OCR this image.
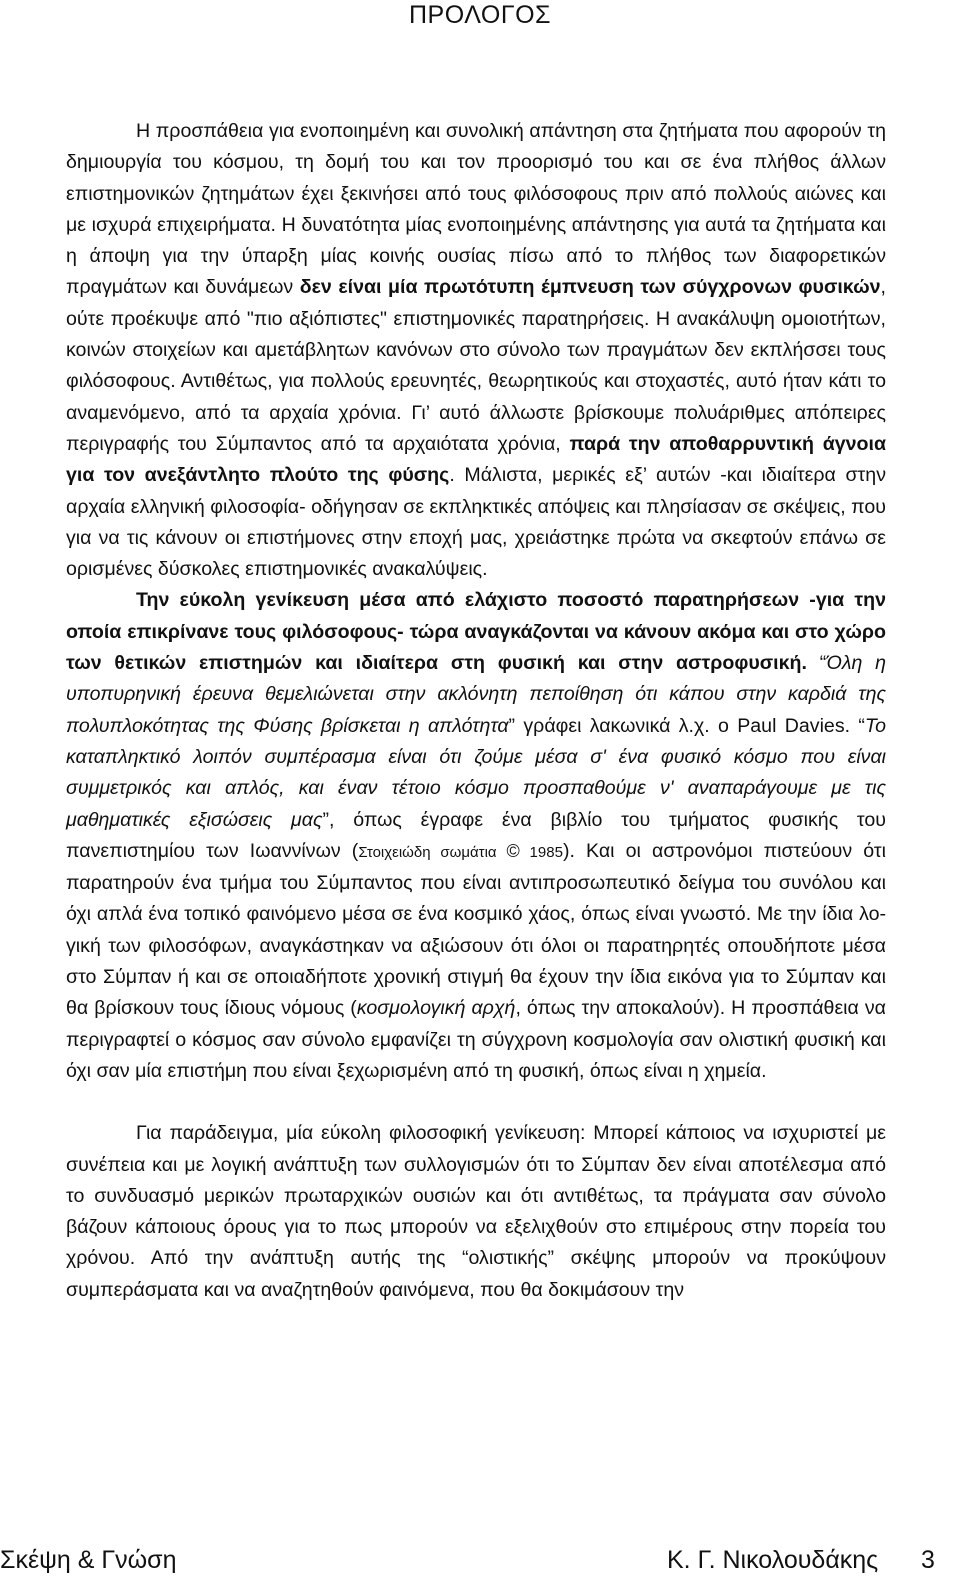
ΠΡΟΛΟΓΟΣ

Η προσπάθεια για ενοποιημένη και συνολική απάντηση στα ζητήματα που αφορούν τη δημιουργία του κόσμου, τη δομή του και τον προορισμό του και σε ένα πλήθος άλλων επιστημονικών ζητημάτων έχει ξεκινήσει από τους φιλόσοφους πριν από πολλούς αιώνες και με ισχυρά επιχειρήματα. Η δυνατότητα μίας ενοποιημένης απάντησης για αυτά τα ζητήματα και η άποψη για την ύπαρξη μίας κοινής ουσίας πίσω από το πλήθος των διαφορετικών πραγμάτων και δυνάμεων δεν είναι μία πρωτότυπη έμπνευση των σύγχρονων φυσικών, ούτε προέκυψε από "πιο αξιόπιστες" επιστημονικές παρατηρήσεις. Η ανακάλυψη ομοιοτήτων, κοινών στοιχείων και αμετάβλητων κανόνων στο σύνολο των πραγμάτων δεν εκπλήσσει τους φιλόσοφους. Αντιθέτως, για πολλούς ερευνητές, θεωρητικούς και στοχαστές, αυτό ήταν κάτι το αναμενόμενο, από τα αρχαία χρόνια. Γι’ αυτό άλλωστε βρίσκουμε πολυάριθμες απόπειρες περιγραφής του Σύμπαντος από τα αρχαιότατα χρόνια, παρά την αποθαρρυντική άγνοια για τον ανεξάντλητο πλούτο της φύσης. Μάλιστα, μερικές εξ’ αυτών -και ιδιαίτερα στην αρχαία ελληνική φιλοσοφία- οδήγησαν σε εκπληκτικές απόψεις και πλησίασαν σε σκέψεις, που για να τις κάνουν οι επιστήμονες στην εποχή μας, χρειάστηκε πρώτα να σκεφτούν επάνω σε ορισμένες δύσκολες επιστημονικές ανακαλύψεις.

Την εύκολη γενίκευση μέσα από ελάχιστο ποσοστό παρατηρήσεων -για την οποία επικρίνανε τους φιλόσοφους- τώρα αναγκάζονται να κάνουν ακόμα και στο χώρο των θετικών επιστημών και ιδιαίτερα στη φυσική και στην αστροφυσική. “Όλη η υποπυρηνική έρευνα θεμελιώνεται στην ακλόνητη πεποίθηση ότι κάπου στην καρδιά της πολυπλοκότητας της Φύσης βρίσκεται η απλότητα” γράφει λακωνικά λ.χ. ο Paul Davies. “Το καταπληκτικό λοιπόν συμπέρασμα είναι ότι ζούμε μέσα σ' ένα φυσικό κόσμο που είναι συμμετρικός και απλός, και έναν τέτοιο κόσμο προσπαθούμε ν' αναπαράγουμε με τις μαθηματικές εξισώσεις μας”, όπως έγραφε ένα βιβλίο του τμήματος φυσικής του πανεπιστημίου των Ιωαννίνων (Στοιχειώδη σωμάτια © 1985). Και οι αστρονόμοι πιστεύουν ότι παρατηρούν ένα τμήμα του Σύμπαντος που είναι αντιπροσωπευτικό δείγμα του συνόλου και όχι απλά ένα τοπικό φαινόμενο μέσα σε ένα κοσμικό χάος, όπως είναι γνωστό. Με την ίδια λογική των φιλοσόφων, αναγκάστηκαν να αξιώσουν ότι όλοι οι παρατηρητές οπουδήποτε μέσα στο Σύμπαν ή και σε οποιαδήποτε χρονική στιγμή θα έχουν την ίδια εικόνα για το Σύμπαν και θα βρίσκουν τους ίδιους νόμους (κοσμολογική αρχή, όπως την αποκαλούν). Η προσπάθεια να περιγραφτεί ο κόσμος σαν σύνολο εμφανίζει τη σύγχρονη κοσμολογία σαν ολιστική φυσική και όχι σαν μία επιστήμη που είναι ξεχωρισμένη από τη φυσική, όπως είναι η χημεία.

Για παράδειγμα, μία εύκολη φιλοσοφική γενίκευση: Μπορεί κάποιος να ισχυριστεί με συνέπεια και με λογική ανάπτυξη των συλλογισμών ότι το Σύμπαν δεν είναι αποτέλεσμα από το συνδυασμό μερικών πρωταρχικών ουσιών και ότι αντιθέτως, τα πράγματα σαν σύνολο βάζουν κάποιους όρους για το πως μπορούν να εξελιχθούν στο επιμέρους στην πορεία του χρόνου. Από την ανάπτυξη αυτής της “ολιστικής” σκέψης μπορούν να προκύψουν συμπεράσματα και να αναζητηθούν φαινόμενα, που θα δοκιμάσουν την

Σκέψη & Γνώση	Κ. Γ. Νικολουδάκης 3
